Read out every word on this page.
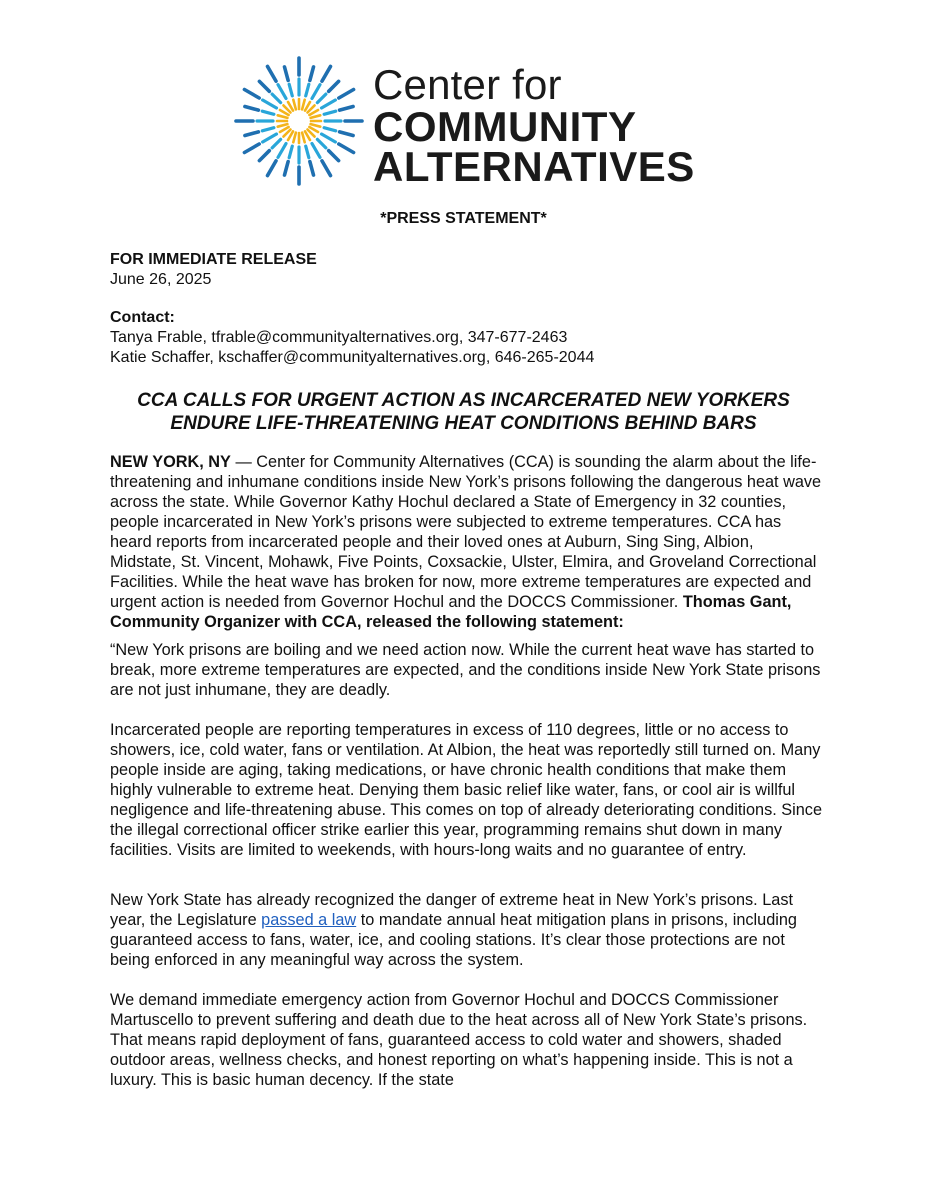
Center for
COMMUNITY
ALTERNATIVES
*PRESS STATEMENT*
FOR IMMEDIATE RELEASE
June 26, 2025
Contact:
Tanya Frable, tfrable@communityalternatives.org, 347-677-2463
Katie Schaffer, kschaffer@communityalternatives.org, 646-265-2044
CCA CALLS FOR URGENT ACTION AS INCARCERATED NEW YORKERS
ENDURE LIFE-THREATENING HEAT CONDITIONS BEHIND BARS
NEW YORK, NY — Center for Community Alternatives (CCA) is sounding the alarm about the life-threatening and inhumane conditions inside New York’s prisons following the dangerous heat wave across the state. While Governor Kathy Hochul declared a State of Emergency in 32 counties, people incarcerated in New York’s prisons were subjected to extreme temperatures. CCA has heard reports from incarcerated people and their loved ones at Auburn, Sing Sing, Albion, Midstate, St. Vincent, Mohawk, Five Points, Coxsackie, Ulster, Elmira, and Groveland Correctional Facilities. While the heat wave has broken for now, more extreme temperatures are expected and urgent action is needed from Governor Hochul and the DOCCS Commissioner. Thomas Gant, Community Organizer with CCA, released the following statement:
“New York prisons are boiling and we need action now. While the current heat wave has started to break, more extreme temperatures are expected, and the conditions inside New York State prisons are not just inhumane, they are deadly.
Incarcerated people are reporting temperatures in excess of 110 degrees, little or no access to showers, ice, cold water, fans or ventilation. At Albion, the heat was reportedly still turned on. Many people inside are aging, taking medications, or have chronic health conditions that make them highly vulnerable to extreme heat. Denying them basic relief like water, fans, or cool air is willful negligence and life-threatening abuse. This comes on top of already deteriorating conditions. Since the illegal correctional officer strike earlier this year, programming remains shut down in many facilities. Visits are limited to weekends, with hours-long waits and no guarantee of entry.
New York State has already recognized the danger of extreme heat in New York’s prisons. Last year, the Legislature passed a law to mandate annual heat mitigation plans in prisons, including guaranteed access to fans, water, ice, and cooling stations. It’s clear those protections are not being enforced in any meaningful way across the system.
We demand immediate emergency action from Governor Hochul and DOCCS Commissioner Martuscello to prevent suffering and death due to the heat across all of New York State’s prisons. That means rapid deployment of fans, guaranteed access to cold water and showers, shaded outdoor areas, wellness checks, and honest reporting on what’s happening inside. This is not a luxury. This is basic human decency. If the state
